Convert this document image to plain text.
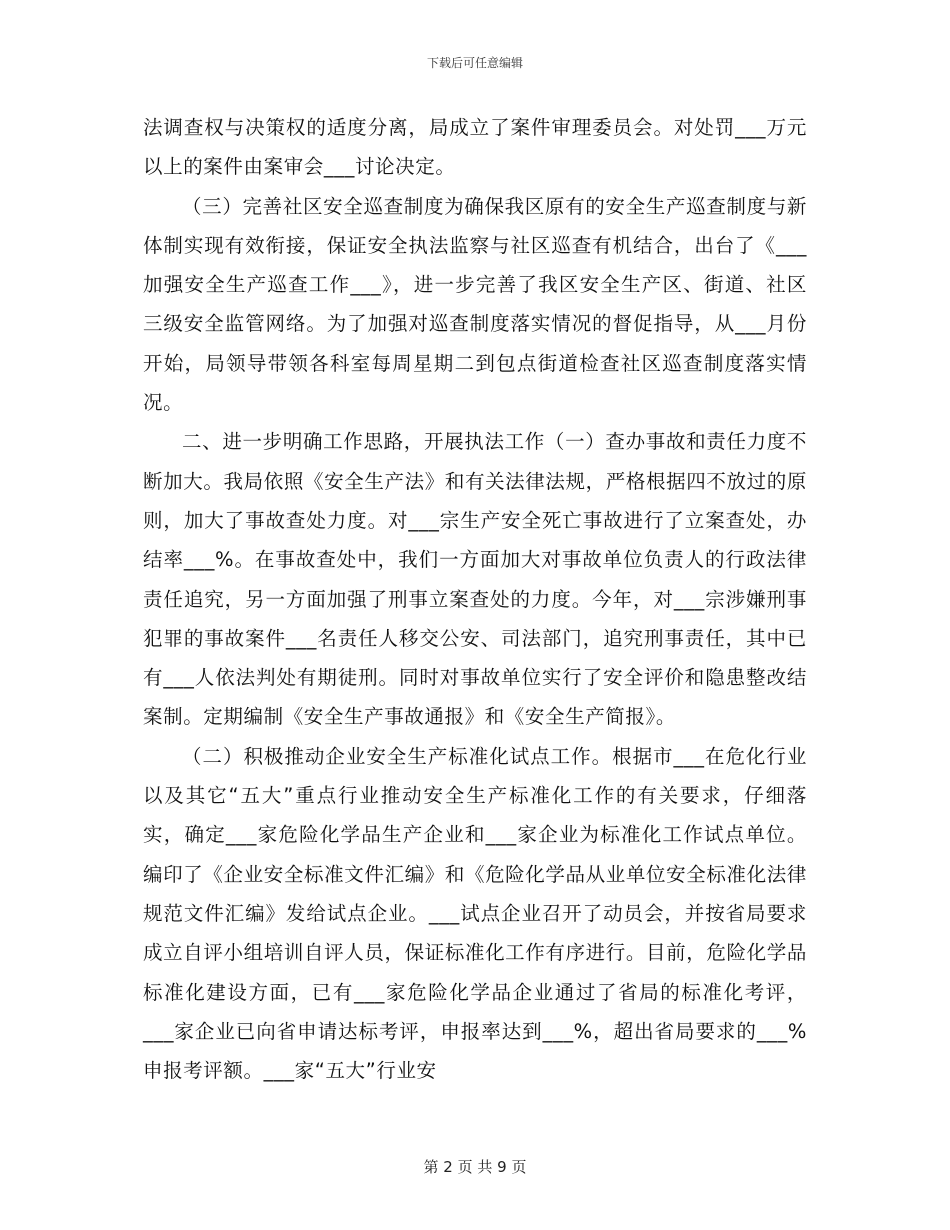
下载后可任意编辑

法调查权与决策权的适度分离，局成立了案件审理委员会。对处罚___万元以上的案件由案审会___讨论决定。

（三）完善社区安全巡查制度为确保我区原有的安全生产巡查制度与新体制实现有效衔接，保证安全执法监察与社区巡查有机结合，出台了《___加强安全生产巡查工作___》，进一步完善了我区安全生产区、街道、社区三级安全监管网络。为了加强对巡查制度落实情况的督促指导，从___月份开始，局领导带领各科室每周星期二到包点街道检查社区巡查制度落实情况。

二、进一步明确工作思路，开展执法工作（一）查办事故和责任力度不断加大。我局依照《安全生产法》和有关法律法规，严格根据四不放过的原则，加大了事故查处力度。对___宗生产安全死亡事故进行了立案查处，办结率___%。在事故查处中，我们一方面加大对事故单位负责人的行政法律责任追究，另一方面加强了刑事立案查处的力度。今年，对___宗涉嫌刑事犯罪的事故案件___名责任人移交公安、司法部门，追究刑事责任，其中已有___人依法判处有期徒刑。同时对事故单位实行了安全评价和隐患整改结案制。定期编制《安全生产事故通报》和《安全生产简报》。

（二）积极推动企业安全生产标准化试点工作。根据市___在危化行业以及其它“五大”重点行业推动安全生产标准化工作的有关要求，仔细落实，确定___家危险化学品生产企业和___家企业为标准化工作试点单位。编印了《企业安全标准文件汇编》和《危险化学品从业单位安全标准化法律规范文件汇编》发给试点企业。___试点企业召开了动员会，并按省局要求成立自评小组培训自评人员，保证标准化工作有序进行。目前，危险化学品标准化建设方面，已有___家危险化学品企业通过了省局的标准化考评，___家企业已向省申请达标考评，申报率达到___%，超出省局要求的___%申报考评额。___家“五大”行业安

第 2 页 共 9 页
